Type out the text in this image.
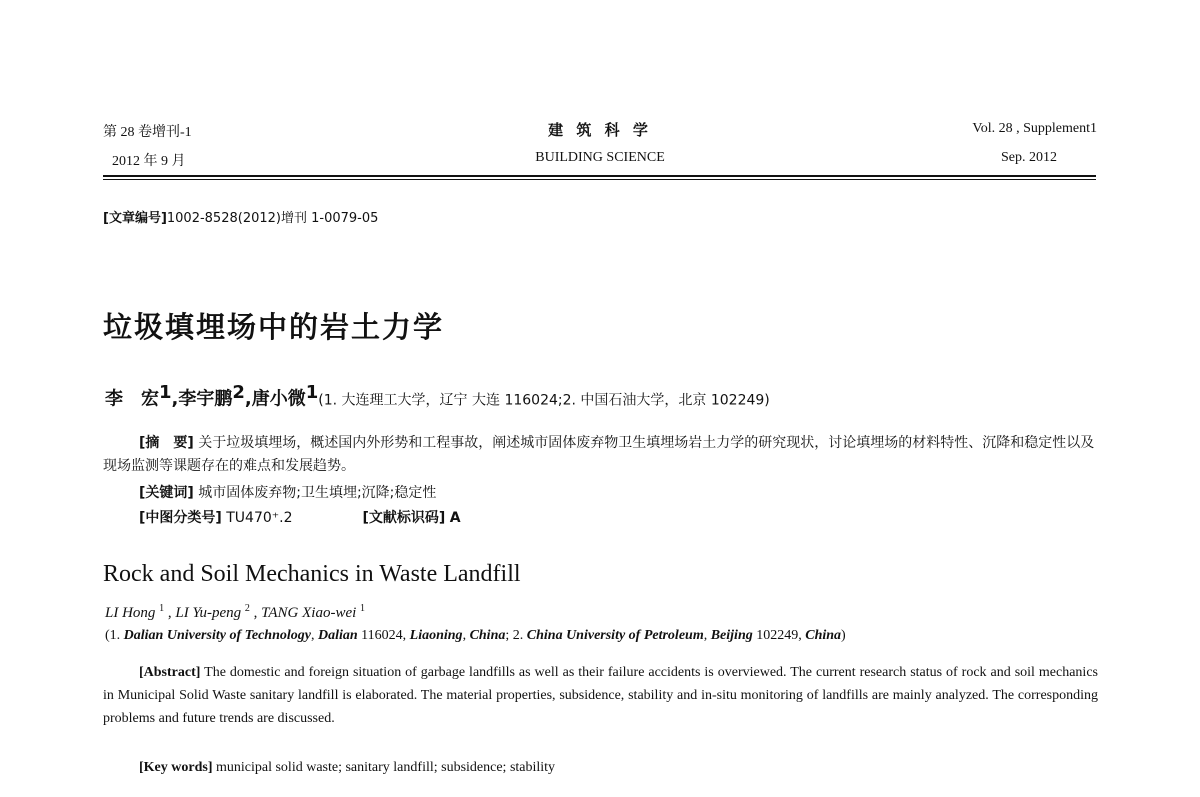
第 28 卷增刊-1
2012 年 9 月
建 筑 科 学
BUILDING SCIENCE
Vol. 28 , Supplement1
Sep. 2012
[文章编号]1002-8528(2012)增刊 1-0079-05
垃圾填埋场中的岩土力学
李　宏$^1$,李宇鹏$^2$,唐小微$^1$(1. 大连理工大学，辽宁 大连 116024;2. 中国石油大学，北京 102249)
[摘　要] 关于垃圾填埋场，概述国内外形势和工程事故，阐述城市固体废弃物卫生填埋场岩土力学的研究现状，讨论填埋场的材料特性、沉降和稳定性以及现场监测等课题存在的难点和发展趋势。
[关键词] 城市固体废弃物;卫生填埋;沉降;稳定性
[中图分类号] TU470⁺.2	[文献标识码] A
Rock and Soil Mechanics in Waste Landfill
LI Hong $^1$ , LI Yu-peng $^2$ , TANG Xiao-wei $^1$
(1. Dalian University of Technology, Dalian 116024, Liaoning, China; 2. China University of Petroleum, Beijing 102249, China)
[Abstract] The domestic and foreign situation of garbage landfills as well as their failure accidents is overviewed. The current research status of rock and soil mechanics in Municipal Solid Waste sanitary landfill is elaborated. The material properties, subsidence, stability and in-situ monitoring of landfills are mainly analyzed. The corresponding problems and future trends are discussed.
[Key words] municipal solid waste; sanitary landfill; subsidence; stability
